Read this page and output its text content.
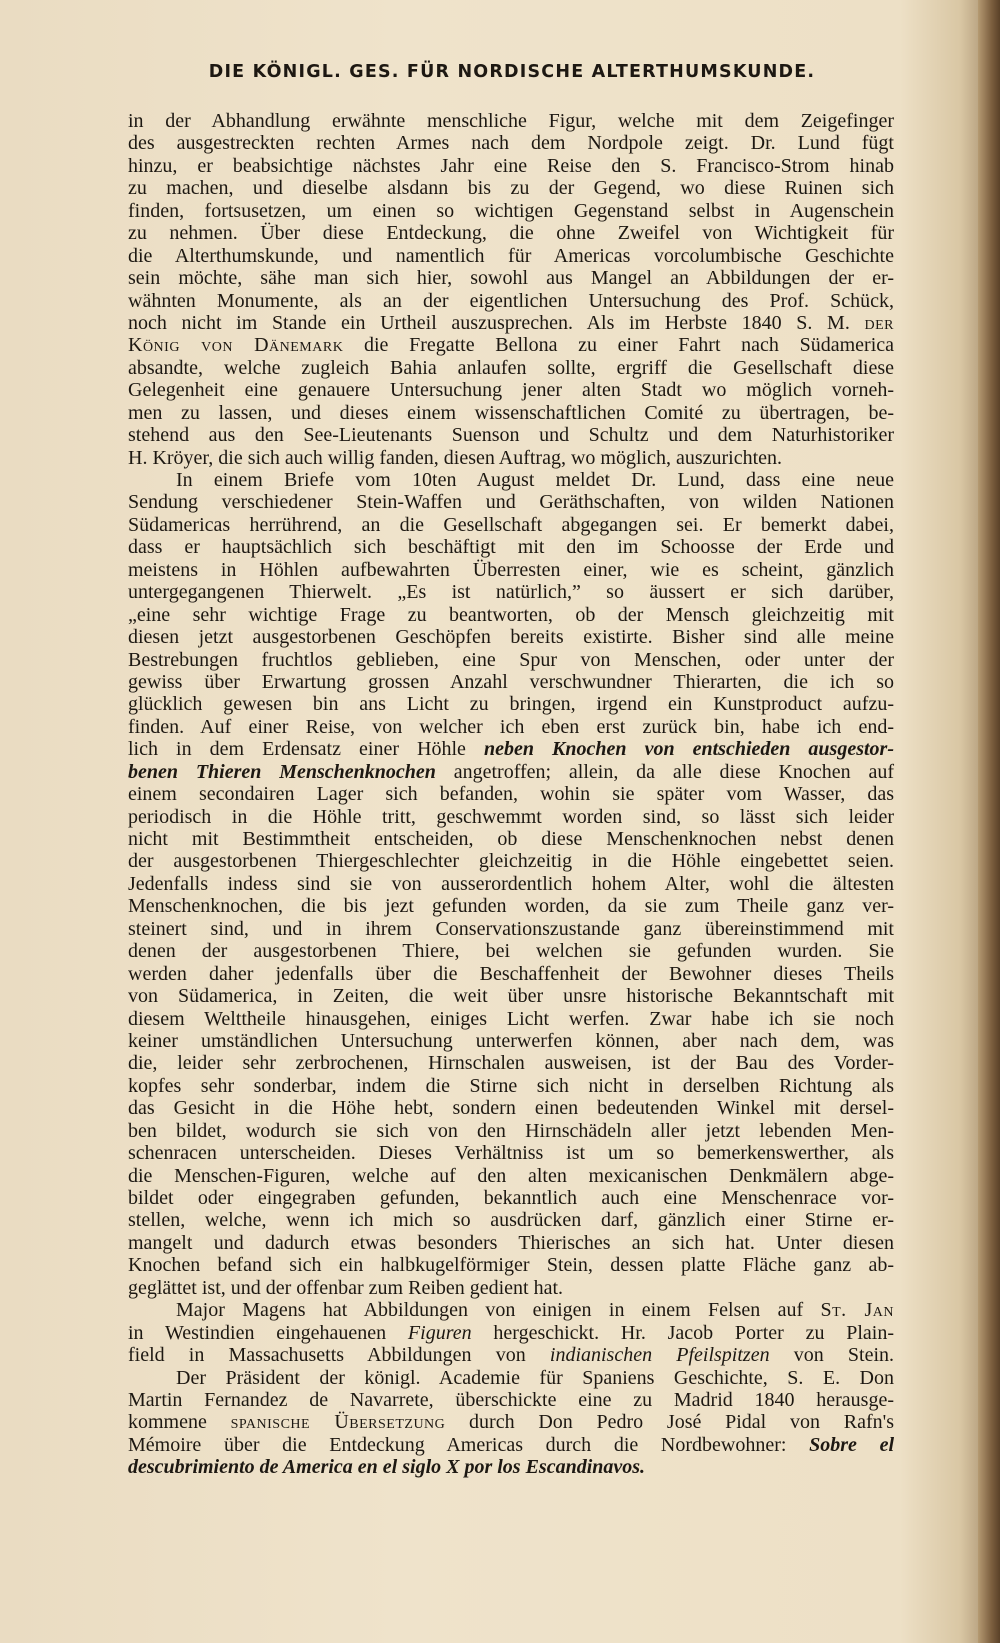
DIE KÖNIGL. GES. FÜR NORDISCHE ALTERTHUMSKUNDE.
in der Abhandlung erwähnte menschliche Figur, welche mit dem Zeigefinger
des ausgestreckten rechten Armes nach dem Nordpole zeigt. Dr. Lund fügt
hinzu, er beabsichtige nächstes Jahr eine Reise den S. Francisco-Strom hinab
zu machen, und dieselbe alsdann bis zu der Gegend, wo diese Ruinen sich
finden, fortsusetzen, um einen so wichtigen Gegenstand selbst in Augenschein
zu nehmen. Über diese Entdeckung, die ohne Zweifel von Wichtigkeit für
die Alterthumskunde, und namentlich für Americas vorcolumbische Geschichte
sein möchte, sähe man sich hier, sowohl aus Mangel an Abbildungen der er-
wähnten Monumente, als an der eigentlichen Untersuchung des Prof. Schück,
noch nicht im Stande ein Urtheil auszusprechen. Als im Herbste 1840 S. M. der
König von Dänemark die Fregatte Bellona zu einer Fahrt nach Südamerica
absandte, welche zugleich Bahia anlaufen sollte, ergriff die Gesellschaft diese
Gelegenheit eine genauere Untersuchung jener alten Stadt wo möglich vorneh-
men zu lassen, und dieses einem wissenschaftlichen Comité zu übertragen, be-
stehend aus den See-Lieutenants Suenson und Schultz und dem Naturhistoriker
H. Kröyer, die sich auch willig fanden, diesen Auftrag, wo möglich, auszurichten.
In einem Briefe vom 10ten August meldet Dr. Lund, dass eine neue
Sendung verschiedener Stein-Waffen und Geräthschaften, von wilden Nationen
Südamericas herrührend, an die Gesellschaft abgegangen sei. Er bemerkt dabei,
dass er hauptsächlich sich beschäftigt mit den im Schoosse der Erde und
meistens in Höhlen aufbewahrten Überresten einer, wie es scheint, gänzlich
untergegangenen Thierwelt. „Es ist natürlich,” so äussert er sich darüber,
„eine sehr wichtige Frage zu beantworten, ob der Mensch gleichzeitig mit
diesen jetzt ausgestorbenen Geschöpfen bereits existirte. Bisher sind alle meine
Bestrebungen fruchtlos geblieben, eine Spur von Menschen, oder unter der
gewiss über Erwartung grossen Anzahl verschwundner Thierarten, die ich so
glücklich gewesen bin ans Licht zu bringen, irgend ein Kunstproduct aufzu-
finden. Auf einer Reise, von welcher ich eben erst zurück bin, habe ich end-
lich in dem Erdensatz einer Höhle neben Knochen von entschieden ausgestor-
benen Thieren Menschenknochen angetroffen; allein, da alle diese Knochen auf
einem secondairen Lager sich befanden, wohin sie später vom Wasser, das
periodisch in die Höhle tritt, geschwemmt worden sind, so lässt sich leider
nicht mit Bestimmtheit entscheiden, ob diese Menschenknochen nebst denen
der ausgestorbenen Thiergeschlechter gleichzeitig in die Höhle eingebettet seien.
Jedenfalls indess sind sie von ausserordentlich hohem Alter, wohl die ältesten
Menschenknochen, die bis jezt gefunden worden, da sie zum Theile ganz ver-
steinert sind, und in ihrem Conservationszustande ganz übereinstimmend mit
denen der ausgestorbenen Thiere, bei welchen sie gefunden wurden. Sie
werden daher jedenfalls über die Beschaffenheit der Bewohner dieses Theils
von Südamerica, in Zeiten, die weit über unsre historische Bekanntschaft mit
diesem Welttheile hinausgehen, einiges Licht werfen. Zwar habe ich sie noch
keiner umständlichen Untersuchung unterwerfen können, aber nach dem, was
die, leider sehr zerbrochenen, Hirnschalen ausweisen, ist der Bau des Vorder-
kopfes sehr sonderbar, indem die Stirne sich nicht in derselben Richtung als
das Gesicht in die Höhe hebt, sondern einen bedeutenden Winkel mit dersel-
ben bildet, wodurch sie sich von den Hirnschädeln aller jetzt lebenden Men-
schenracen unterscheiden. Dieses Verhältniss ist um so bemerkenswerther, als
die Menschen-Figuren, welche auf den alten mexicanischen Denkmälern abge-
bildet oder eingegraben gefunden, bekanntlich auch eine Menschenrace vor-
stellen, welche, wenn ich mich so ausdrücken darf, gänzlich einer Stirne er-
mangelt und dadurch etwas besonders Thierisches an sich hat. Unter diesen
Knochen befand sich ein halbkugelförmiger Stein, dessen platte Fläche ganz ab-
geglättet ist, und der offenbar zum Reiben gedient hat.
Major Magens hat Abbildungen von einigen in einem Felsen auf St. Jan
in Westindien eingehauenen Figuren hergeschickt. Hr. Jacob Porter zu Plain-
field in Massachusetts Abbildungen von indianischen Pfeilspitzen von Stein.
Der Präsident der königl. Academie für Spaniens Geschichte, S. E. Don
Martin Fernandez de Navarrete, überschickte eine zu Madrid 1840 herausge-
kommene spanische Übersetzung durch Don Pedro José Pidal von Rafn's
Mémoire über die Entdeckung Americas durch die Nordbewohner: Sobre el
descubrimiento de America en el siglo X por los Escandinavos.
